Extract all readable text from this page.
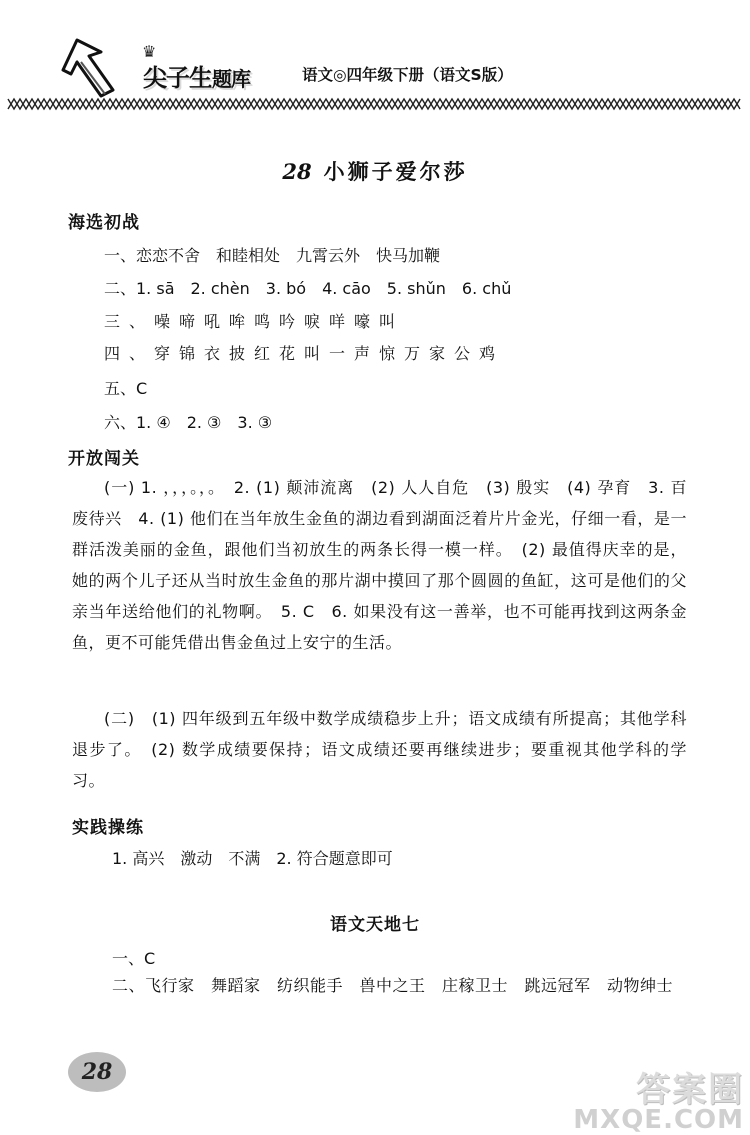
♛
尖子生题库	语文◎四年级下册（语文S版）
28 小狮子爱尔莎
海选初战
一、恋恋不舍　和睦相处　九霄云外　快马加鞭
二、1. sā　2. chèn　3. bó　4. cāo　5. shǔn　6. chǔ
三、噪啼吼哞鸣吟唳咩嚎叫
四、穿锦衣披红花叫一声惊万家公鸡
五、C
六、1. ④　2. ③　3. ③
开放闯关
(一) 1. ，，，。，。　2. (1) 颠沛流离　(2) 人人自危　(3) 殷实　(4) 孕育　3. 百废待兴　4. (1) 他们在当年放生金鱼的湖边看到湖面泛着片片金光，仔细一看，是一群活泼美丽的金鱼，跟他们当初放生的两条长得一模一样。　(2) 最值得庆幸的是，她的两个儿子还从当时放生金鱼的那片湖中摸回了那个圆圆的鱼缸，这可是他们的父亲当年送给他们的礼物啊。　5. C　6. 如果没有这一善举，也不可能再找到这两条金鱼，更不可能凭借出售金鱼过上安宁的生活。
(二)　(1) 四年级到五年级中数学成绩稳步上升；语文成绩有所提高；其他学科退步了。　(2) 数学成绩要保持；语文成绩还要再继续进步；要重视其他学科的学习。
实践操练
1. 高兴　激动　不满　2. 符合题意即可
语文天地七
一、C
二、飞行家　舞蹈家　纺织能手　兽中之王　庄稼卫士　跳远冠军　动物绅士
28	答案圈
MXQE.COM
